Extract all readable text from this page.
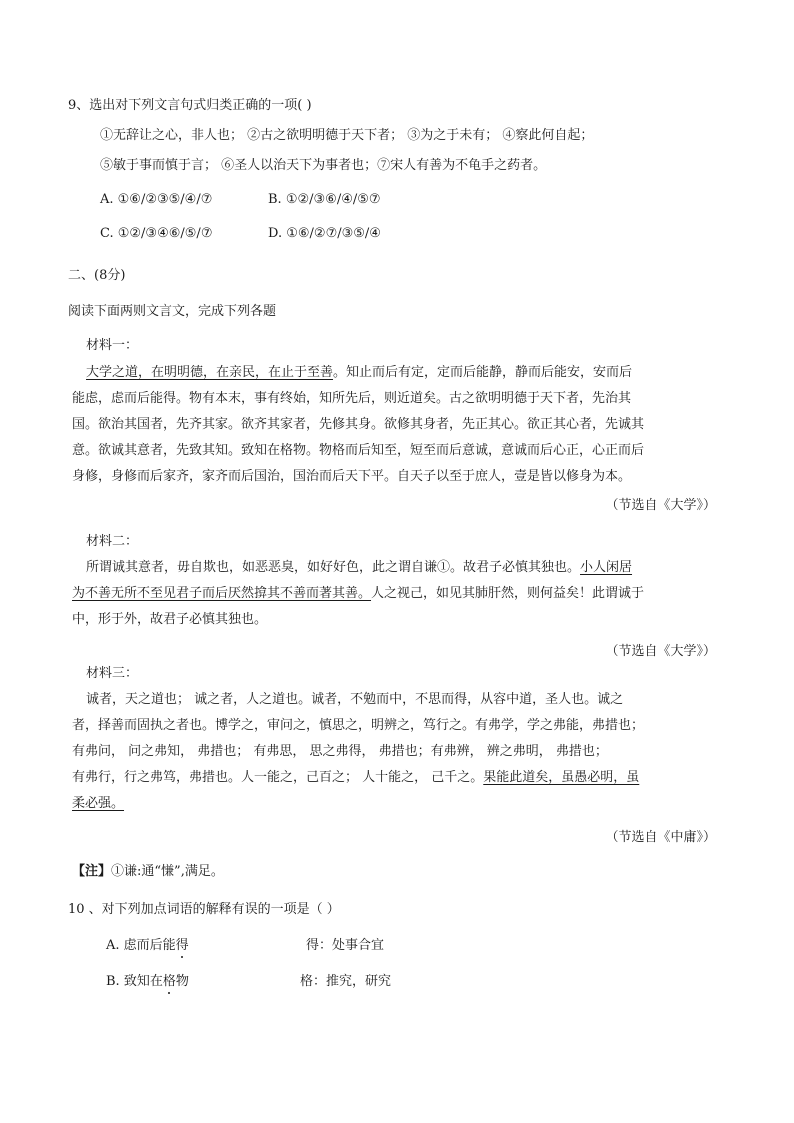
9、选出对下列文言句式归类正确的一项( )
①无辞让之心，非人也； ②古之欲明明德于天下者； ③为之于未有； ④察此何自起；
⑤敏于事而慎于言； ⑥圣人以治天下为事者也；⑦宋人有善为不龟手之药者。
A. ①⑥/②③⑤/④/⑦	B. ①②/③⑥/④/⑤⑦
C. ①②/③④⑥/⑤/⑦	D. ①⑥/②⑦/③⑤/④
二、(8分)
阅读下面两则文言文，完成下列各题
材料一：
大学之道，在明明德，在亲民，在止于至善。知止而后有定，定而后能静，静而后能安，安而后
能虑，虑而后能得。物有本末，事有终始，知所先后，则近道矣。古之欲明明德于天下者，先治其
国。欲治其国者，先齐其家。欲齐其家者，先修其身。欲修其身者，先正其心。欲正其心者，先诚其
意。欲诚其意者，先致其知。致知在格物。物格而后知至，短至而后意诚，意诚而后心正，心正而后
身修，身修而后家齐，家齐而后国治，国治而后天下平。自天子以至于庶人，壹是皆以修身为本。
（节选自《大学》）
材料二：
所谓诚其意者，毋自欺也，如恶恶臭，如好好色，此之谓自谦①。故君子必慎其独也。小人闲居
为不善无所不至见君子而后厌然揜其不善而著其善。人之视己，如见其肺肝然，则何益矣！此谓诚于
中，形于外，故君子必慎其独也。
（节选自《大学》）
材料三：
诚者，天之道也； 诚之者，人之道也。诚者，不勉而中，不思而得，从容中道，圣人也。诚之
者，择善而固执之者也。博学之，审问之，慎思之，明辨之，笃行之。有弗学，学之弗能，弗措也；
有弗问， 问之弗知， 弗措也； 有弗思， 思之弗得， 弗措也；有弗辨， 辨之弗明， 弗措也；
有弗行，行之弗笃，弗措也。人一能之，己百之； 人十能之， 己千之。果能此道矣，虽愚必明，虽
柔必强。
（节选自《中庸》）
【注】①谦:通“慊”,满足。
10 、对下列加点词语的解释有误的一项是（ ）
A. 虑而后能得	得：处事合宜
B. 致知在格物	格：推究，研究
